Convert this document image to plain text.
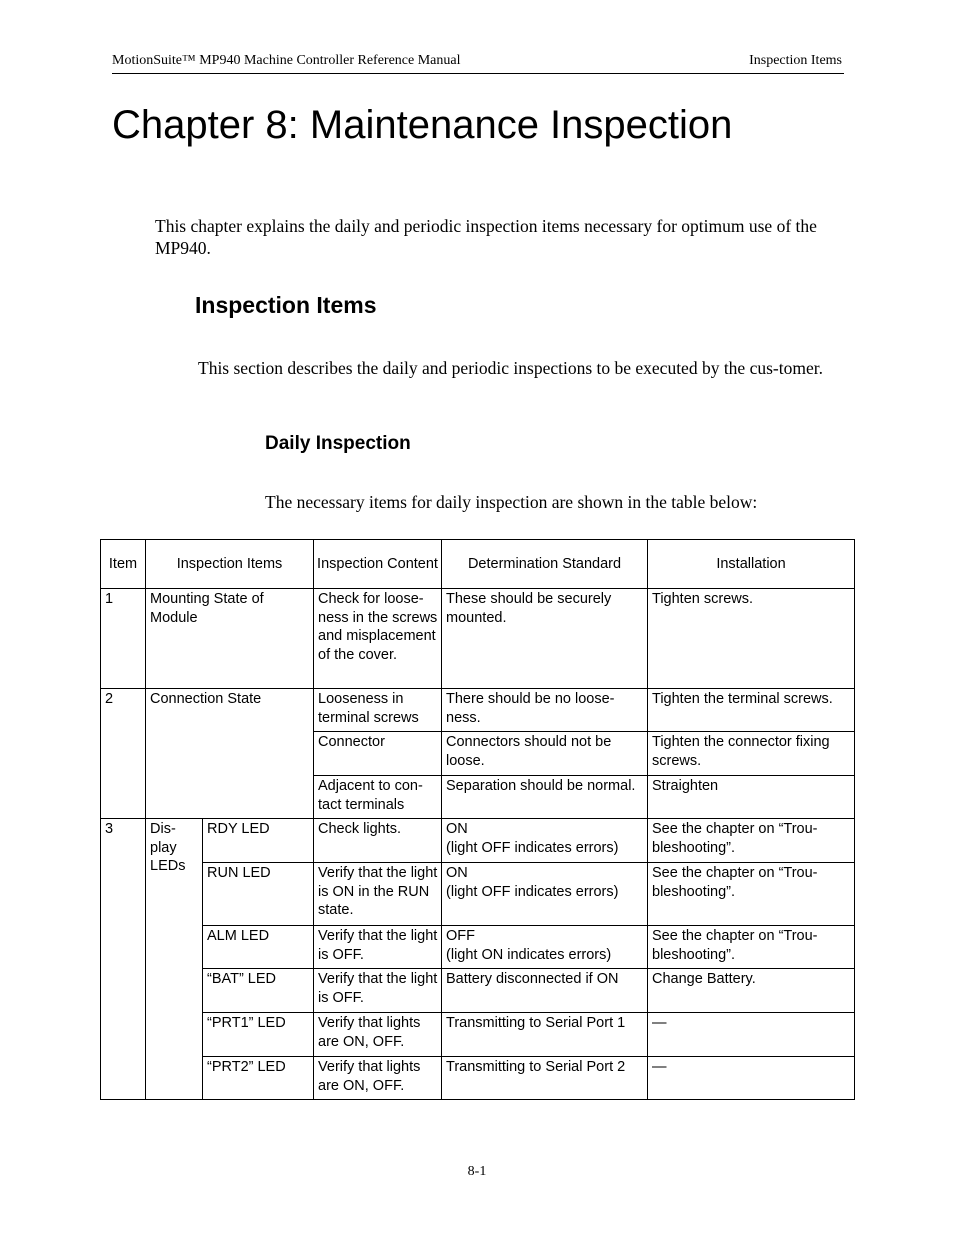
MotionSuite™ MP940 Machine Controller Reference Manual	Inspection Items
Chapter 8: Maintenance Inspection

This chapter explains the daily and periodic inspection items necessary for optimum use of the MP940.

Inspection Items

This section describes the daily and periodic inspections to be executed by the cus-tomer.

Daily Inspection

The necessary items for daily inspection are shown in the table below:

Item	Inspection Items		Inspection Content	Determination Standard	Installation
1	Mounting State of Module		Check for loose-ness in the screws and misplacement of the cover.	These should be securely mounted.	Tighten screws.
2	Connection State		Looseness in terminal screws	There should be no loose-ness.	Tighten the terminal screws.
			Connector	Connectors should not be loose.	Tighten the connector fixing screws.
			Adjacent to con-tact terminals	Separation should be normal.	Straighten
3	Dis-play LEDs	RDY LED	Check lights.	ON
(light OFF indicates errors)	See the chapter on “Trou-bleshooting”.
		RUN LED	Verify that the light is ON in the RUN state.	ON
(light OFF indicates errors)	See the chapter on “Trou-bleshooting”.
		ALM LED	Verify that the light is OFF.	OFF
(light ON indicates errors)	See the chapter on “Trou-bleshooting”.
		“BAT” LED	Verify that the light is OFF.	Battery disconnected if ON	Change Battery.
		“PRT1” LED	Verify that lights are ON, OFF.	Transmitting to Serial Port 1	—
		“PRT2” LED	Verify that lights are ON, OFF.	Transmitting to Serial Port 2	—
8-1
